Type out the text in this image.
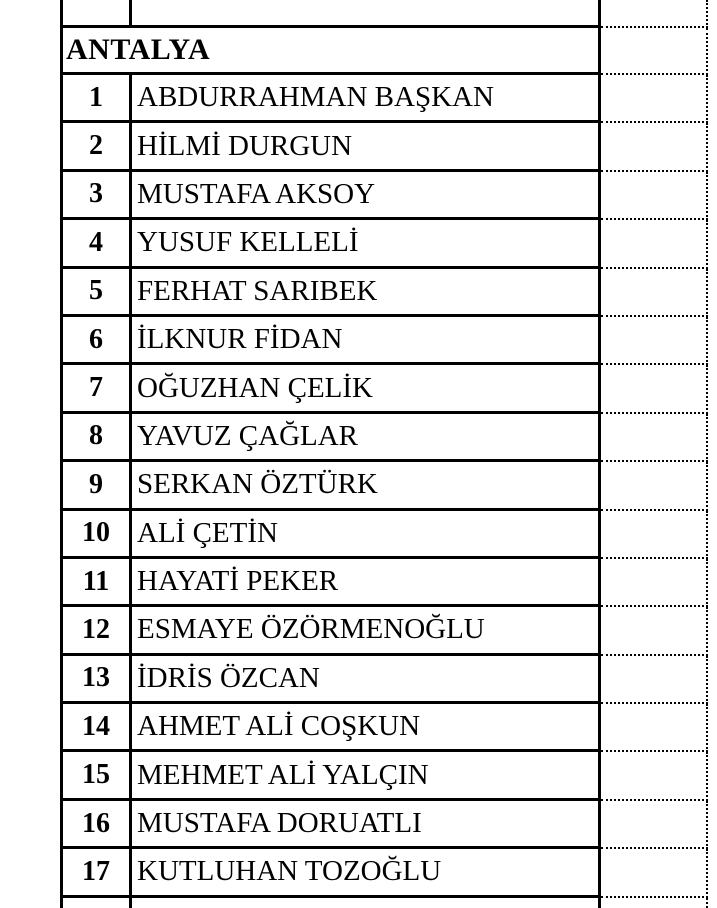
ANTALYA
1	ABDURRAHMAN BAŞKAN
2	HİLMİ DURGUN
3	MUSTAFA AKSOY
4	YUSUF KELLELİ
5	FERHAT SARIBEK
6	İLKNUR FİDAN
7	OĞUZHAN ÇELİK
8	YAVUZ ÇAĞLAR
9	SERKAN ÖZTÜRK
10 ALİ ÇETİN
11 HAYATİ PEKER
12 ESMAYE ÖZÖRMENOĞLU
13 İDRİS ÖZCAN
14 AHMET ALİ COŞKUN
15 MEHMET ALİ YALÇIN
16 MUSTAFA DORUATLI
17 KUTLUHAN TOZOĞLU
